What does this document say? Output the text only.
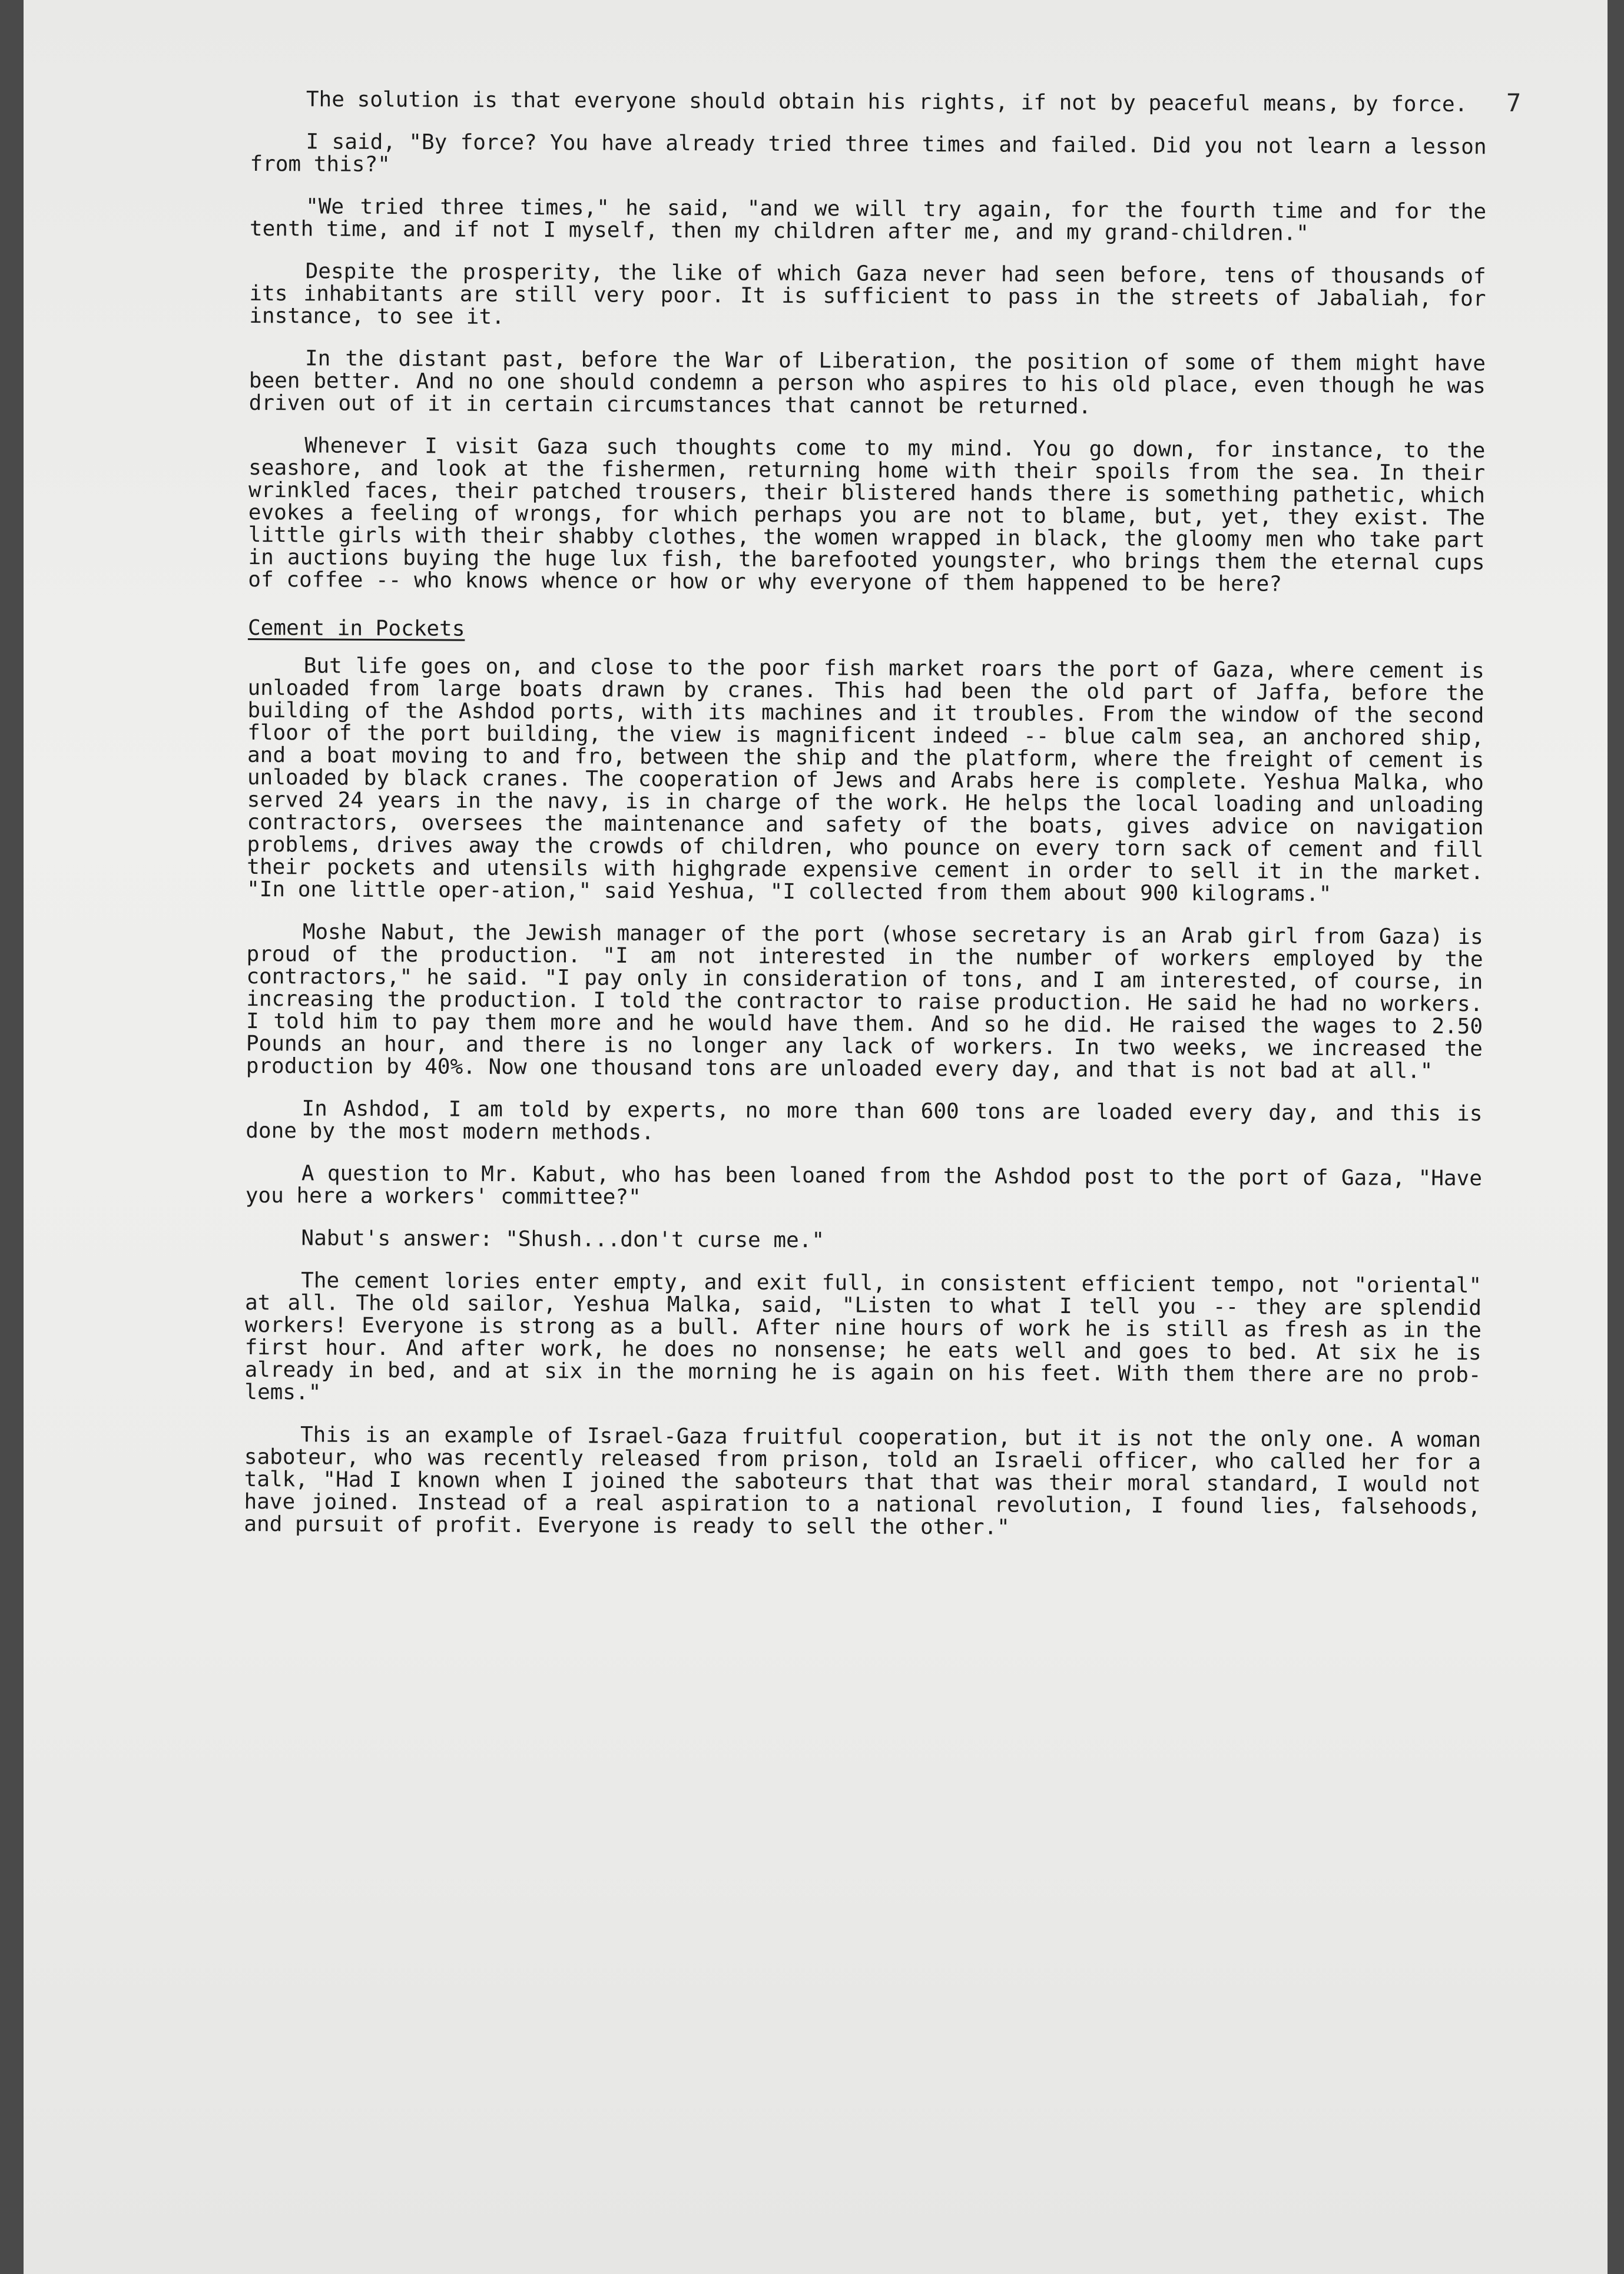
7

The solution is that everyone should obtain his rights, if not by peaceful means, by force.

I said, "By force? You have already tried three times and failed. Did you not learn a lesson from this?"

"We tried three times," he said, "and we will try again, for the fourth time and for the tenth time, and if not I myself, then my children after me, and my grand-children."

Despite the prosperity, the like of which Gaza never had seen before, tens of thousands of its inhabitants are still very poor. It is sufficient to pass in the streets of Jabaliah, for instance, to see it.

In the distant past, before the War of Liberation, the position of some of them might have been better. And no one should condemn a person who aspires to his old place, even though he was driven out of it in certain circumstances that cannot be returned.

Whenever I visit Gaza such thoughts come to my mind. You go down, for instance, to the seashore, and look at the fishermen, returning home with their spoils from the sea. In their wrinkled faces, their patched trousers, their blistered hands there is something pathetic, which evokes a feeling of wrongs, for which perhaps you are not to blame, but, yet, they exist. The little girls with their shabby clothes, the women wrapped in black, the gloomy men who take part in auctions buying the huge lux fish, the barefooted youngster, who brings them the eternal cups of coffee -- who knows whence or how or why everyone of them happened to be here?

Cement in Pockets

But life goes on, and close to the poor fish market roars the port of Gaza, where cement is unloaded from large boats drawn by cranes. This had been the old part of Jaffa, before the building of the Ashdod ports, with its machines and it troubles. From the window of the second floor of the port building, the view is magnificent indeed -- blue calm sea, an anchored ship, and a boat moving to and fro, between the ship and the platform, where the freight of cement is unloaded by black cranes. The cooperation of Jews and Arabs here is complete. Yeshua Malka, who served 24 years in the navy, is in charge of the work. He helps the local loading and unloading contractors, oversees the maintenance and safety of the boats, gives advice on navigation problems, drives away the crowds of children, who pounce on every torn sack of cement and fill their pockets and utensils with highgrade expensive cement in order to sell it in the market. "In one little oper-ation," said Yeshua, "I collected from them about 900 kilograms."

Moshe Nabut, the Jewish manager of the port (whose secretary is an Arab girl from Gaza) is proud of the production. "I am not interested in the number of workers employed by the contractors," he said. "I pay only in consideration of tons, and I am interested, of course, in increasing the production. I told the contractor to raise production. He said he had no workers. I told him to pay them more and he would have them. And so he did. He raised the wages to 2.50 Pounds an hour, and there is no longer any lack of workers. In two weeks, we increased the production by 40%. Now one thousand tons are unloaded every day, and that is not bad at all."

In Ashdod, I am told by experts, no more than 600 tons are loaded every day, and this is done by the most modern methods.

A question to Mr. Kabut, who has been loaned from the Ashdod post to the port of Gaza, "Have you here a workers' committee?"

Nabut's answer: "Shush...don't curse me."

The cement lories enter empty, and exit full, in consistent efficient tempo, not "oriental" at all. The old sailor, Yeshua Malka, said, "Listen to what I tell you -- they are splendid workers! Everyone is strong as a bull. After nine hours of work he is still as fresh as in the first hour. And after work, he does no nonsense; he eats well and goes to bed. At six he is already in bed, and at six in the morning he is again on his feet. With them there are no prob-lems."

This is an example of Israel-Gaza fruitful cooperation, but it is not the only one. A woman saboteur, who was recently released from prison, told an Israeli officer, who called her for a talk, "Had I known when I joined the saboteurs that that was their moral standard, I would not have joined. Instead of a real aspiration to a national revolution, I found lies, falsehoods, and pursuit of profit. Everyone is ready to sell the other."
